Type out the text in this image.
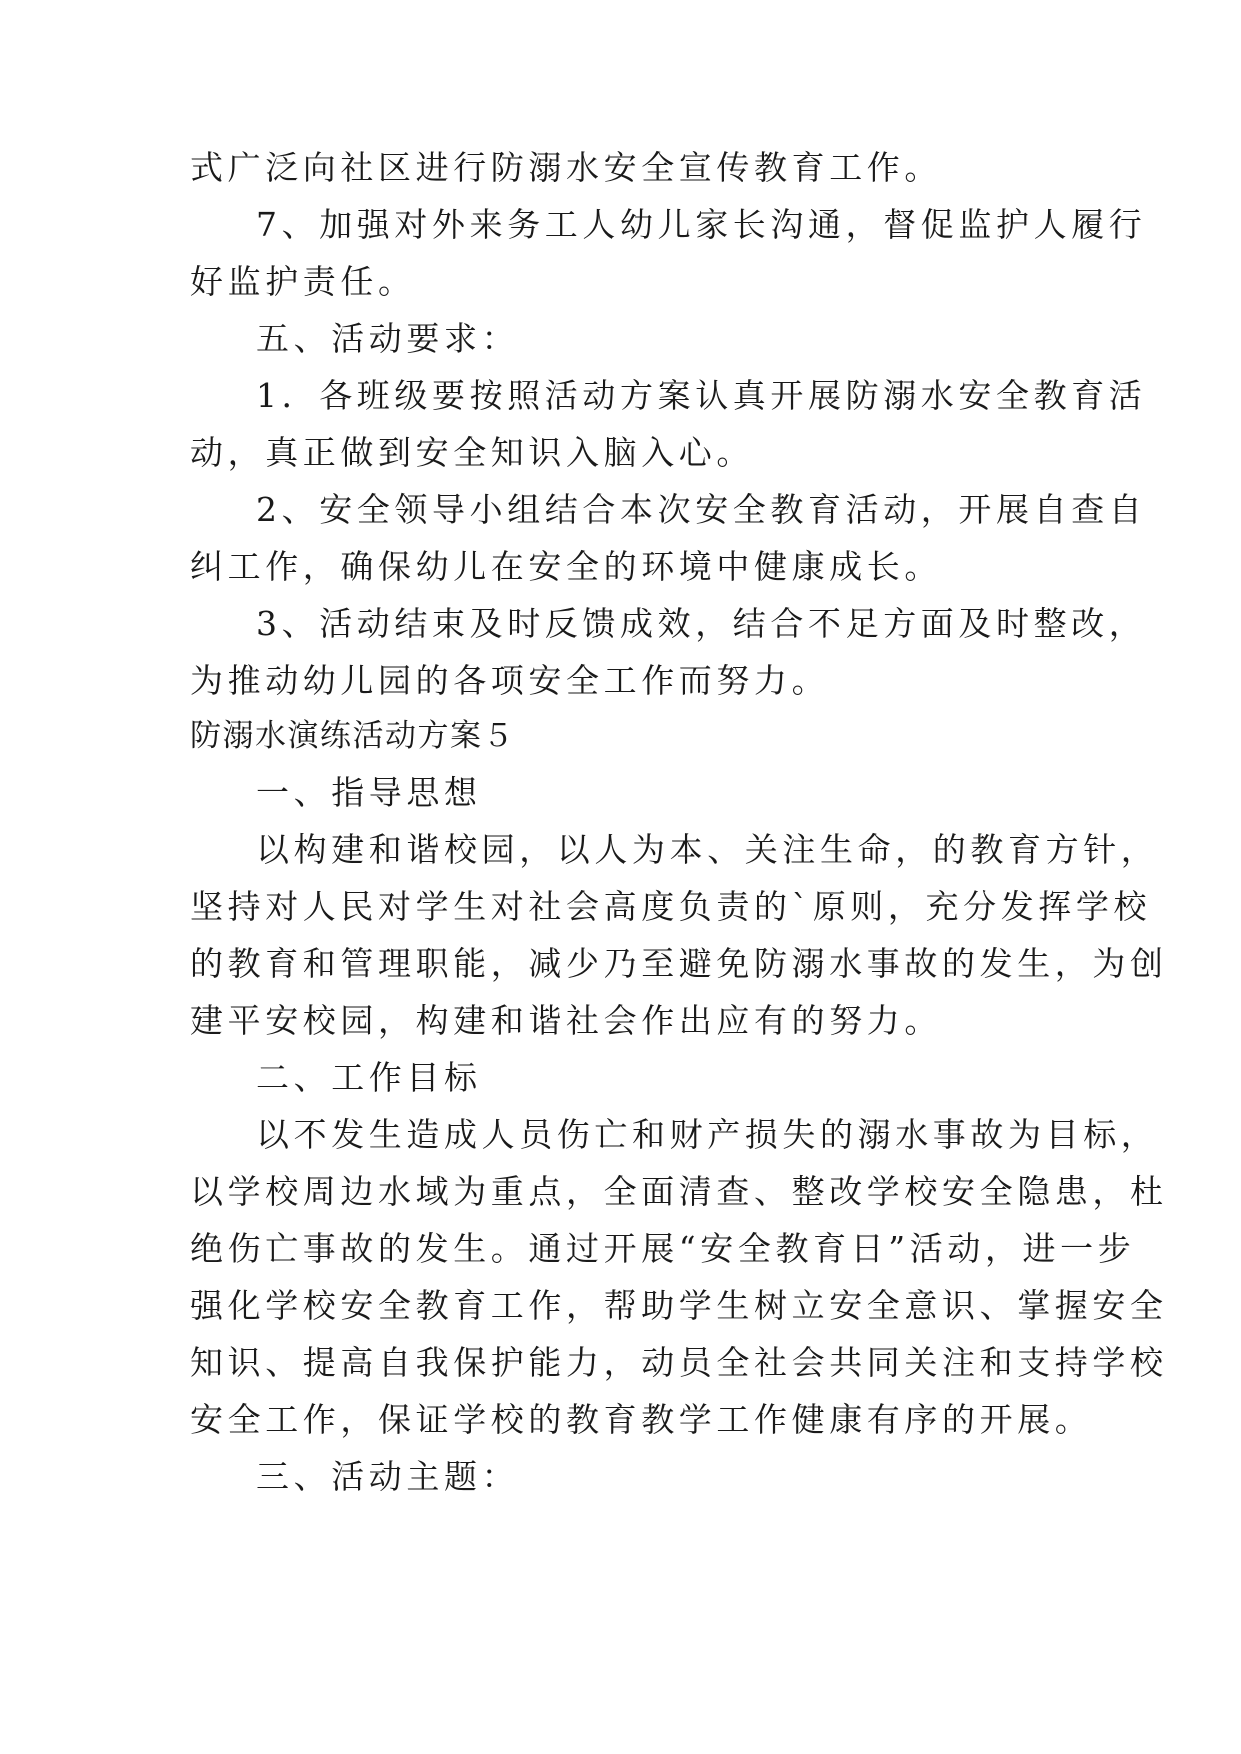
式广泛向社区进行防溺水安全宣传教育工作。
7、加强对外来务工人幼儿家长沟通，督促监护人履行
好监护责任。
五、活动要求：
1．各班级要按照活动方案认真开展防溺水安全教育活
动，真正做到安全知识入脑入心。
2、安全领导小组结合本次安全教育活动，开展自查自
纠工作，确保幼儿在安全的环境中健康成长。
3、活动结束及时反馈成效，结合不足方面及时整改，
为推动幼儿园的各项安全工作而努力。
防溺水演练活动方案５
一、指导思想
以构建和谐校园，以人为本、关注生命，的教育方针，
坚持对人民对学生对社会高度负责的`原则，充分发挥学校
的教育和管理职能，减少乃至避免防溺水事故的发生，为创
建平安校园，构建和谐社会作出应有的努力。
二、工作目标
以不发生造成人员伤亡和财产损失的溺水事故为目标，
以学校周边水域为重点，全面清查、整改学校安全隐患，杜
绝伤亡事故的发生。通过开展“安全教育日”活动，进一步
强化学校安全教育工作，帮助学生树立安全意识、掌握安全
知识、提高自我保护能力，动员全社会共同关注和支持学校
安全工作，保证学校的教育教学工作健康有序的开展。
三、活动主题：
